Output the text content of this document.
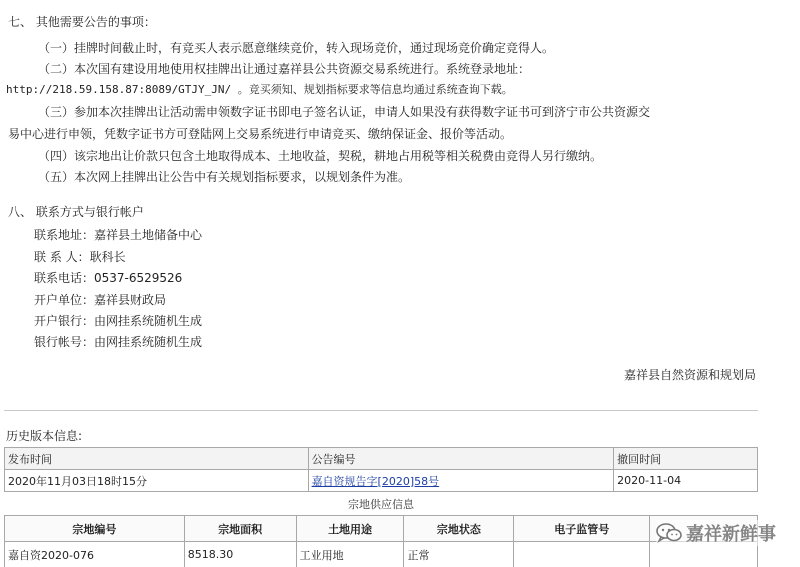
七、 其他需要公告的事项：
（一）挂牌时间截止时，有竞买人表示愿意继续竞价，转入现场竞价，通过现场竞价确定竞得人。
（二）本次国有建设用地使用权挂牌出让通过嘉祥县公共资源交易系统进行。系统登录地址：
http://218.59.158.87:8089/GTJY_JN/ 。竞买须知、规划指标要求等信息均通过系统查询下载。
（三）参加本次挂牌出让活动需申领数字证书即电子签名认证，申请人如果没有获得数字证书可到济宁市公共资源交
易中心进行申领，凭数字证书方可登陆网上交易系统进行申请竞买、缴纳保证金、报价等活动。
（四）该宗地出让价款只包含土地取得成本、土地收益，契税，耕地占用税等相关税费由竞得人另行缴纳。
（五）本次网上挂牌出让公告中有关规划指标要求，以规划条件为准。
八、 联系方式与银行帐户
联系地址：嘉祥县土地储备中心
联 系 人：耿科长
联系电话：0537-6529526
开户单位：嘉祥县财政局
开户银行：由网挂系统随机生成
银行帐号：由网挂系统随机生成
嘉祥县自然资源和规划局
历史版本信息:
发布时间	公告编号	撤回时间
2020年11月03日18时15分	嘉自资规告字[2020]58号	2020-11-04
宗地供应信息
宗地编号	宗地面积	土地用途	宗地状态	电子监管号	
嘉自资2020-076	8518.30	工业用地	正常		
嘉祥新鲜事
